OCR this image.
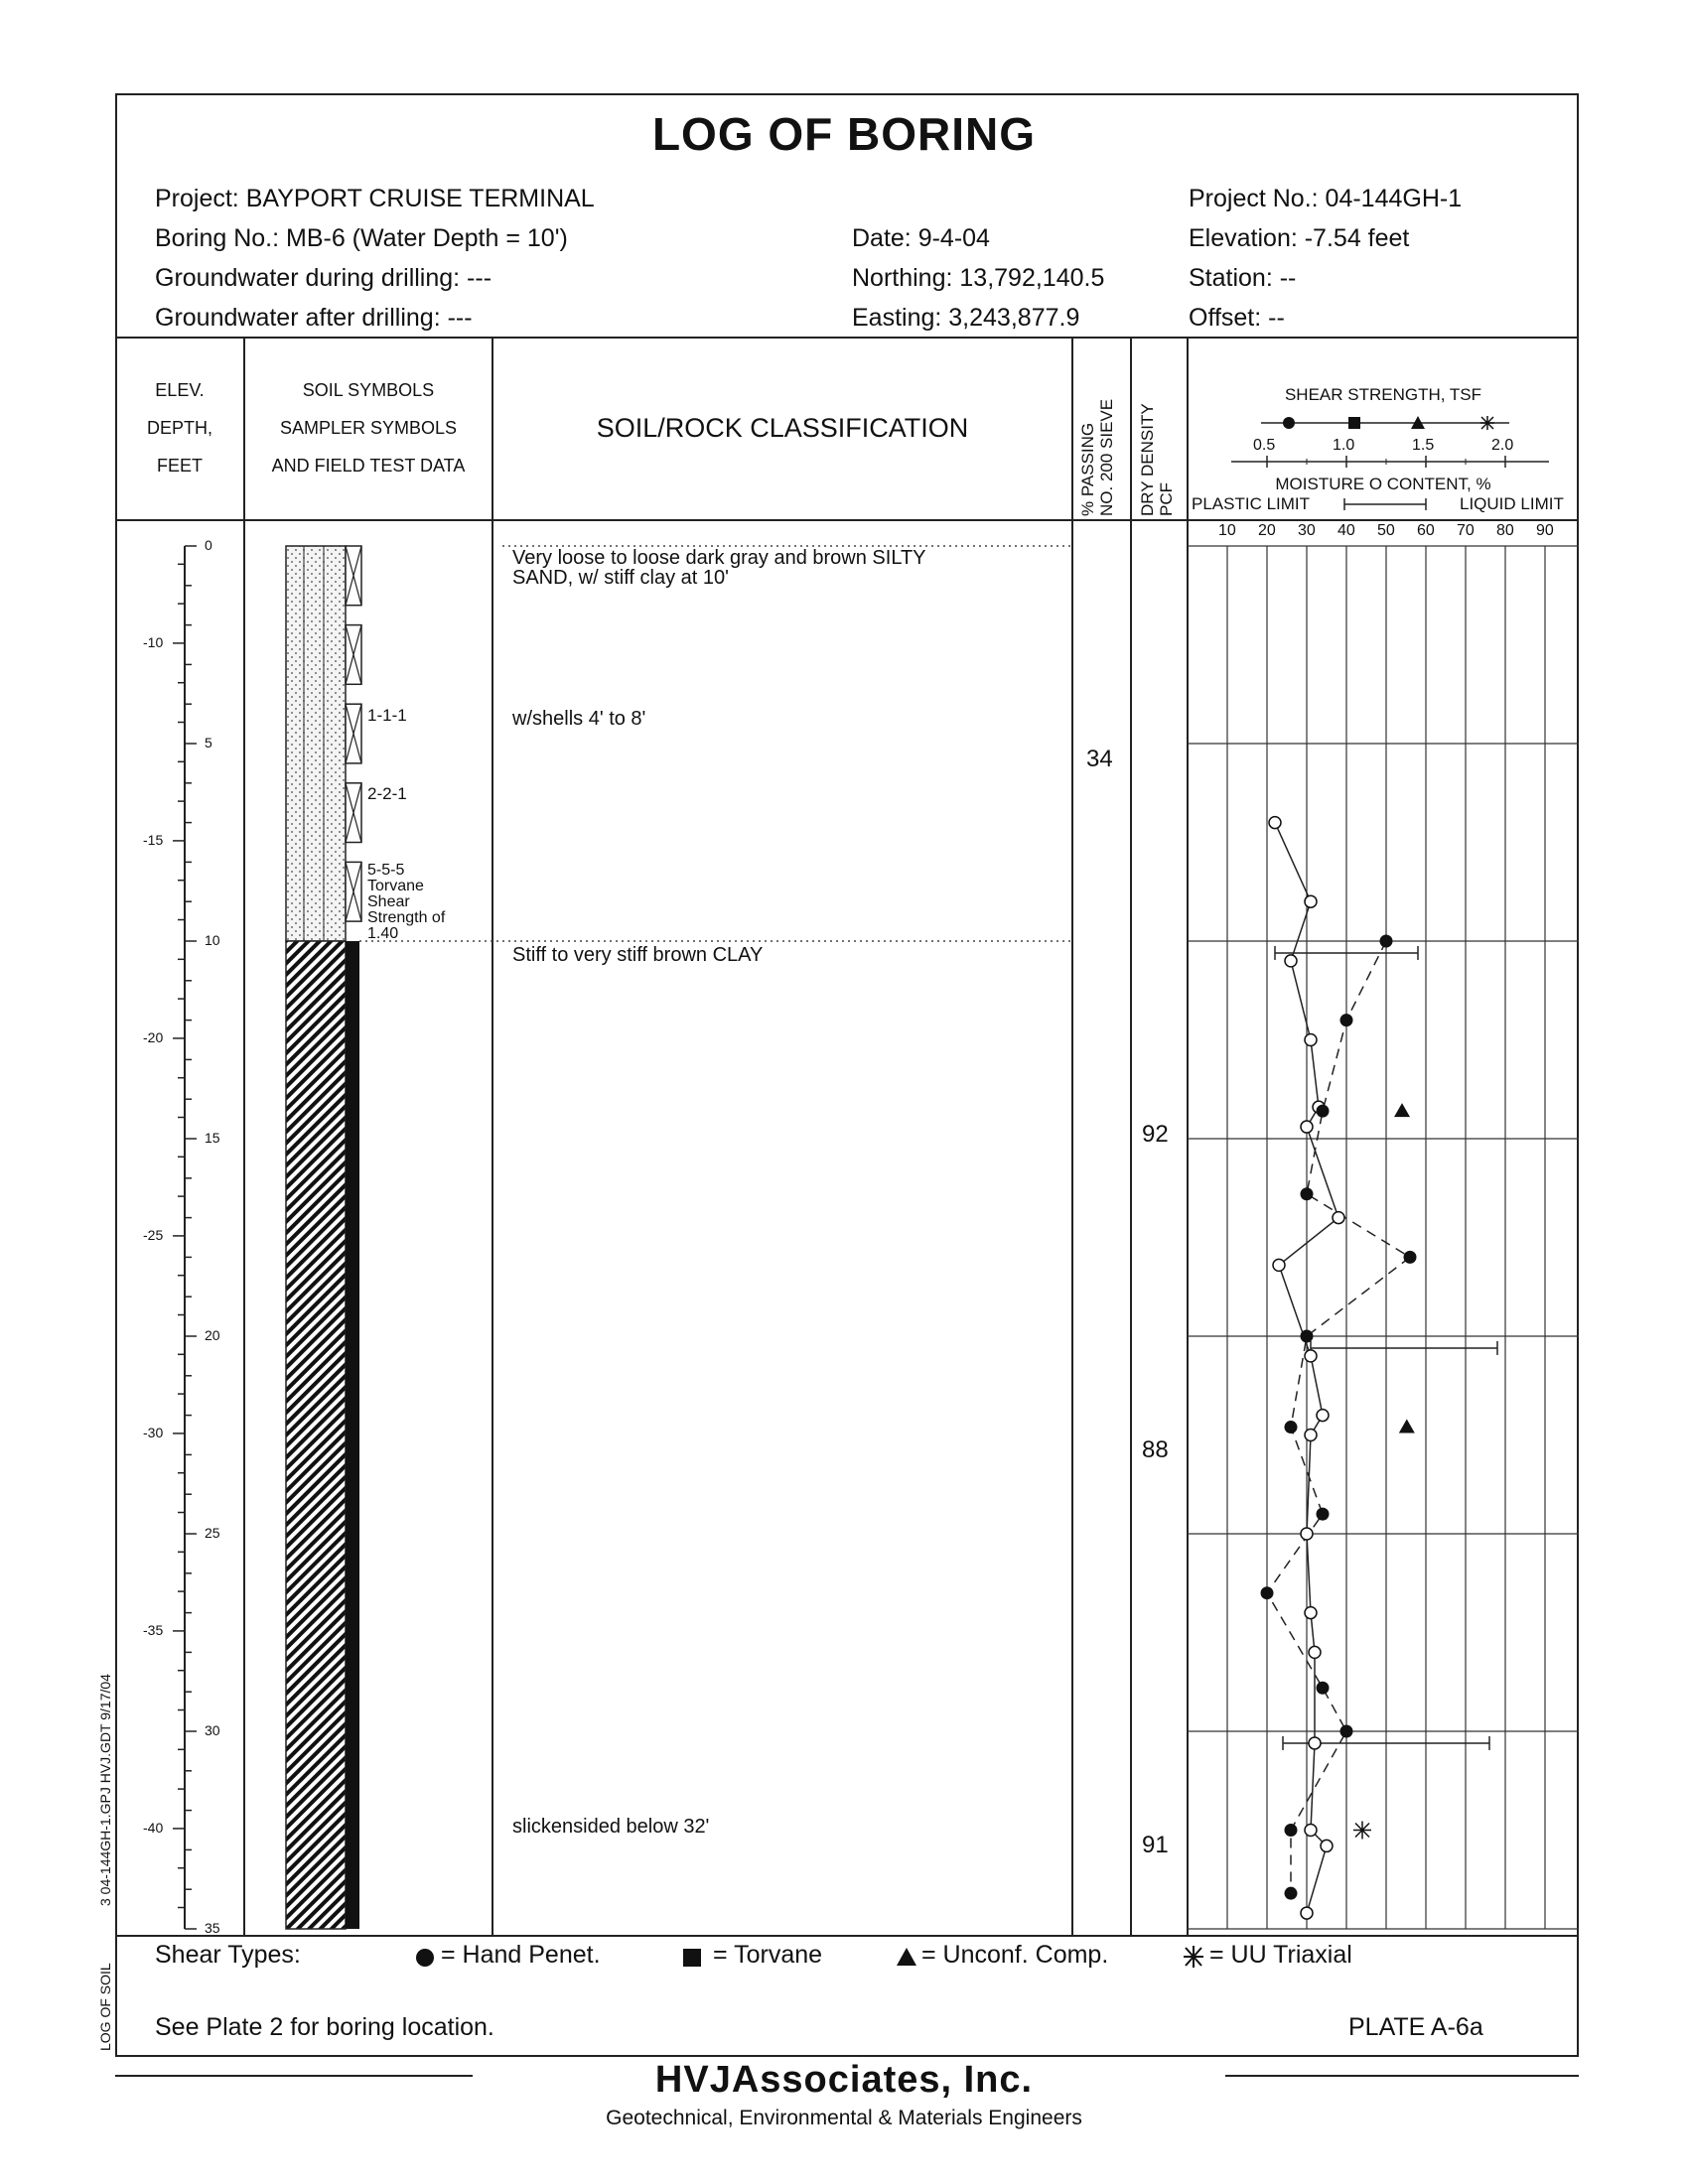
LOG OF BORING
Project: BAYPORT CRUISE TERMINAL
Boring No.: MB-6 (Water Depth = 10')
Groundwater during drilling: ---
Groundwater after drilling: ---
Date: 9-4-04
Northing: 13,792,140.5
Easting: 3,243,877.9
Project No.: 04-144GH-1
Elevation: -7.54 feet
Station: --
Offset: --
ELEV.
DEPTH,
FEET
SOIL SYMBOLS
SAMPLER SYMBOLS
AND FIELD TEST DATA
SOIL/ROCK CLASSIFICATION	% PASSING NO. 200 SIEVE DRY DENSITY PCF
SHEAR STRENGTH, TSF
0.5	1.0	1.5	2.0
MOISTURE O CONTENT, %
PLASTIC LIMIT	LIQUID LIMIT
10 20 30 40 50 60 70 80 90
-10
-15
-20
-25
-30
-35
-40
0
5
10
15
20
25
30
35
1-1-1
2-2-1
5-5-5
Torvane
Shear
Strength of
1.40
Very loose to loose dark gray and brown SILTY
SAND, w/ stiff clay at 10'
w/shells 4' to 8'
Stiff to very stiff brown CLAY
slickensided below 32'
34
92
88
91
Shear Types:	= Hand Penet.	= Torvane	= Unconf. Comp.	= UU Triaxial
See Plate 2 for boring location.	PLATE A-6a
HVJAssociates, Inc.
Geotechnical, Environmental & Materials Engineers
LOG OF SOIL
3 04-144GH-1.GPJ HVJ.GDT 9/17/04
